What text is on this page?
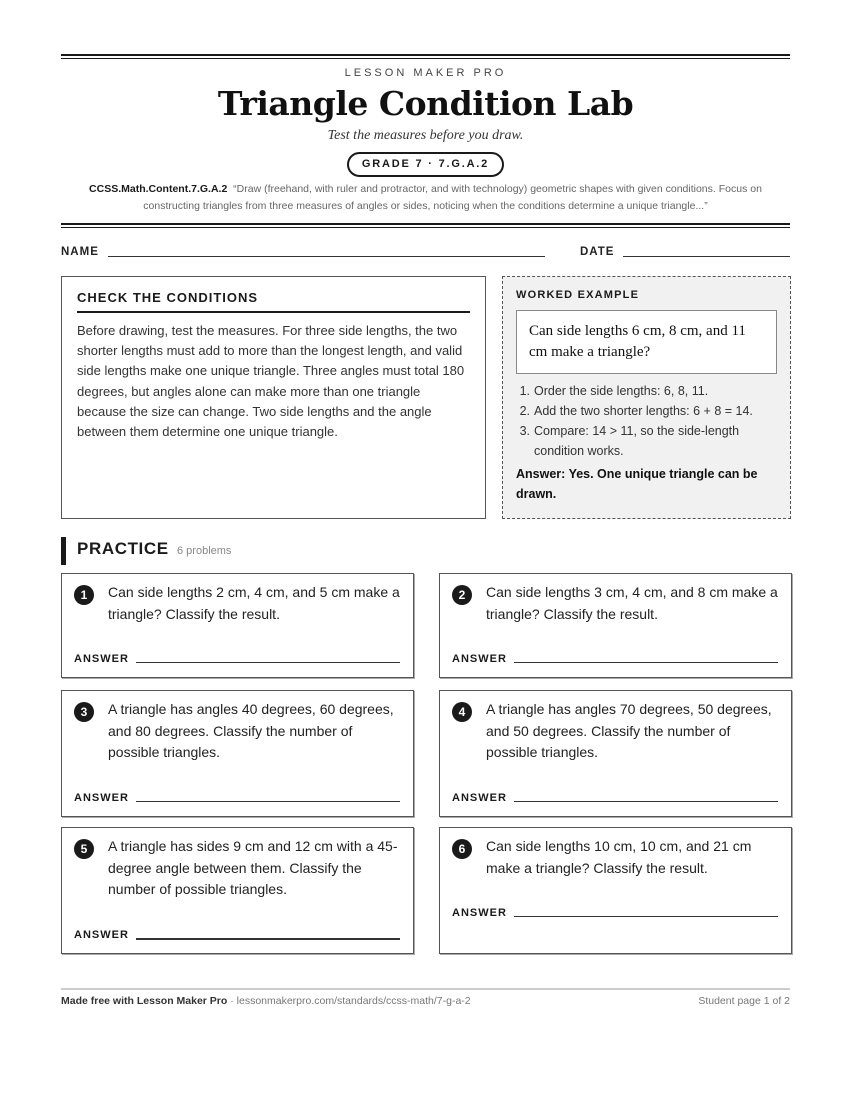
LESSON MAKER PRO
Triangle Condition Lab
Test the measures before you draw.
GRADE 7 · 7.G.A.2
CCSS.Math.Content.7.G.A.2 “Draw (freehand, with ruler and protractor, and with technology) geometric shapes with given conditions. Focus on constructing triangles from three measures of angles or sides, noticing when the conditions determine a unique triangle...”
NAME	DATE
CHECK THE CONDITIONS
Before drawing, test the measures. For three side lengths, the two shorter lengths must add to more than the longest length, and valid side lengths make one unique triangle. Three angles must total 180 degrees, but angles alone can make more than one triangle because the size can change. Two side lengths and the angle between them determine one unique triangle.
WORKED EXAMPLE
Can side lengths 6 cm, 8 cm, and 11 cm make a triangle?
1. Order the side lengths: 6, 8, 11.
2. Add the two shorter lengths: 6 + 8 = 14.
3. Compare: 14 > 11, so the side-length condition works.
Answer: Yes. One unique triangle can be drawn.
PRACTICE 6 problems
1	Can side lengths 2 cm, 4 cm, and 5 cm make a triangle? Classify the result.
ANSWER
2	Can side lengths 3 cm, 4 cm, and 8 cm make a triangle? Classify the result.
ANSWER
3	A triangle has angles 40 degrees, 60 degrees, and 80 degrees. Classify the number of possible triangles.
ANSWER
4	A triangle has angles 70 degrees, 50 degrees, and 50 degrees. Classify the number of possible triangles.
ANSWER
5	A triangle has sides 9 cm and 12 cm with a 45-degree angle between them. Classify the number of possible triangles.
ANSWER
6	Can side lengths 10 cm, 10 cm, and 21 cm make a triangle? Classify the result.
ANSWER
Made free with Lesson Maker Pro · lessonmakerpro.com/standards/ccss-math/7-g-a-2	Student page 1 of 2
